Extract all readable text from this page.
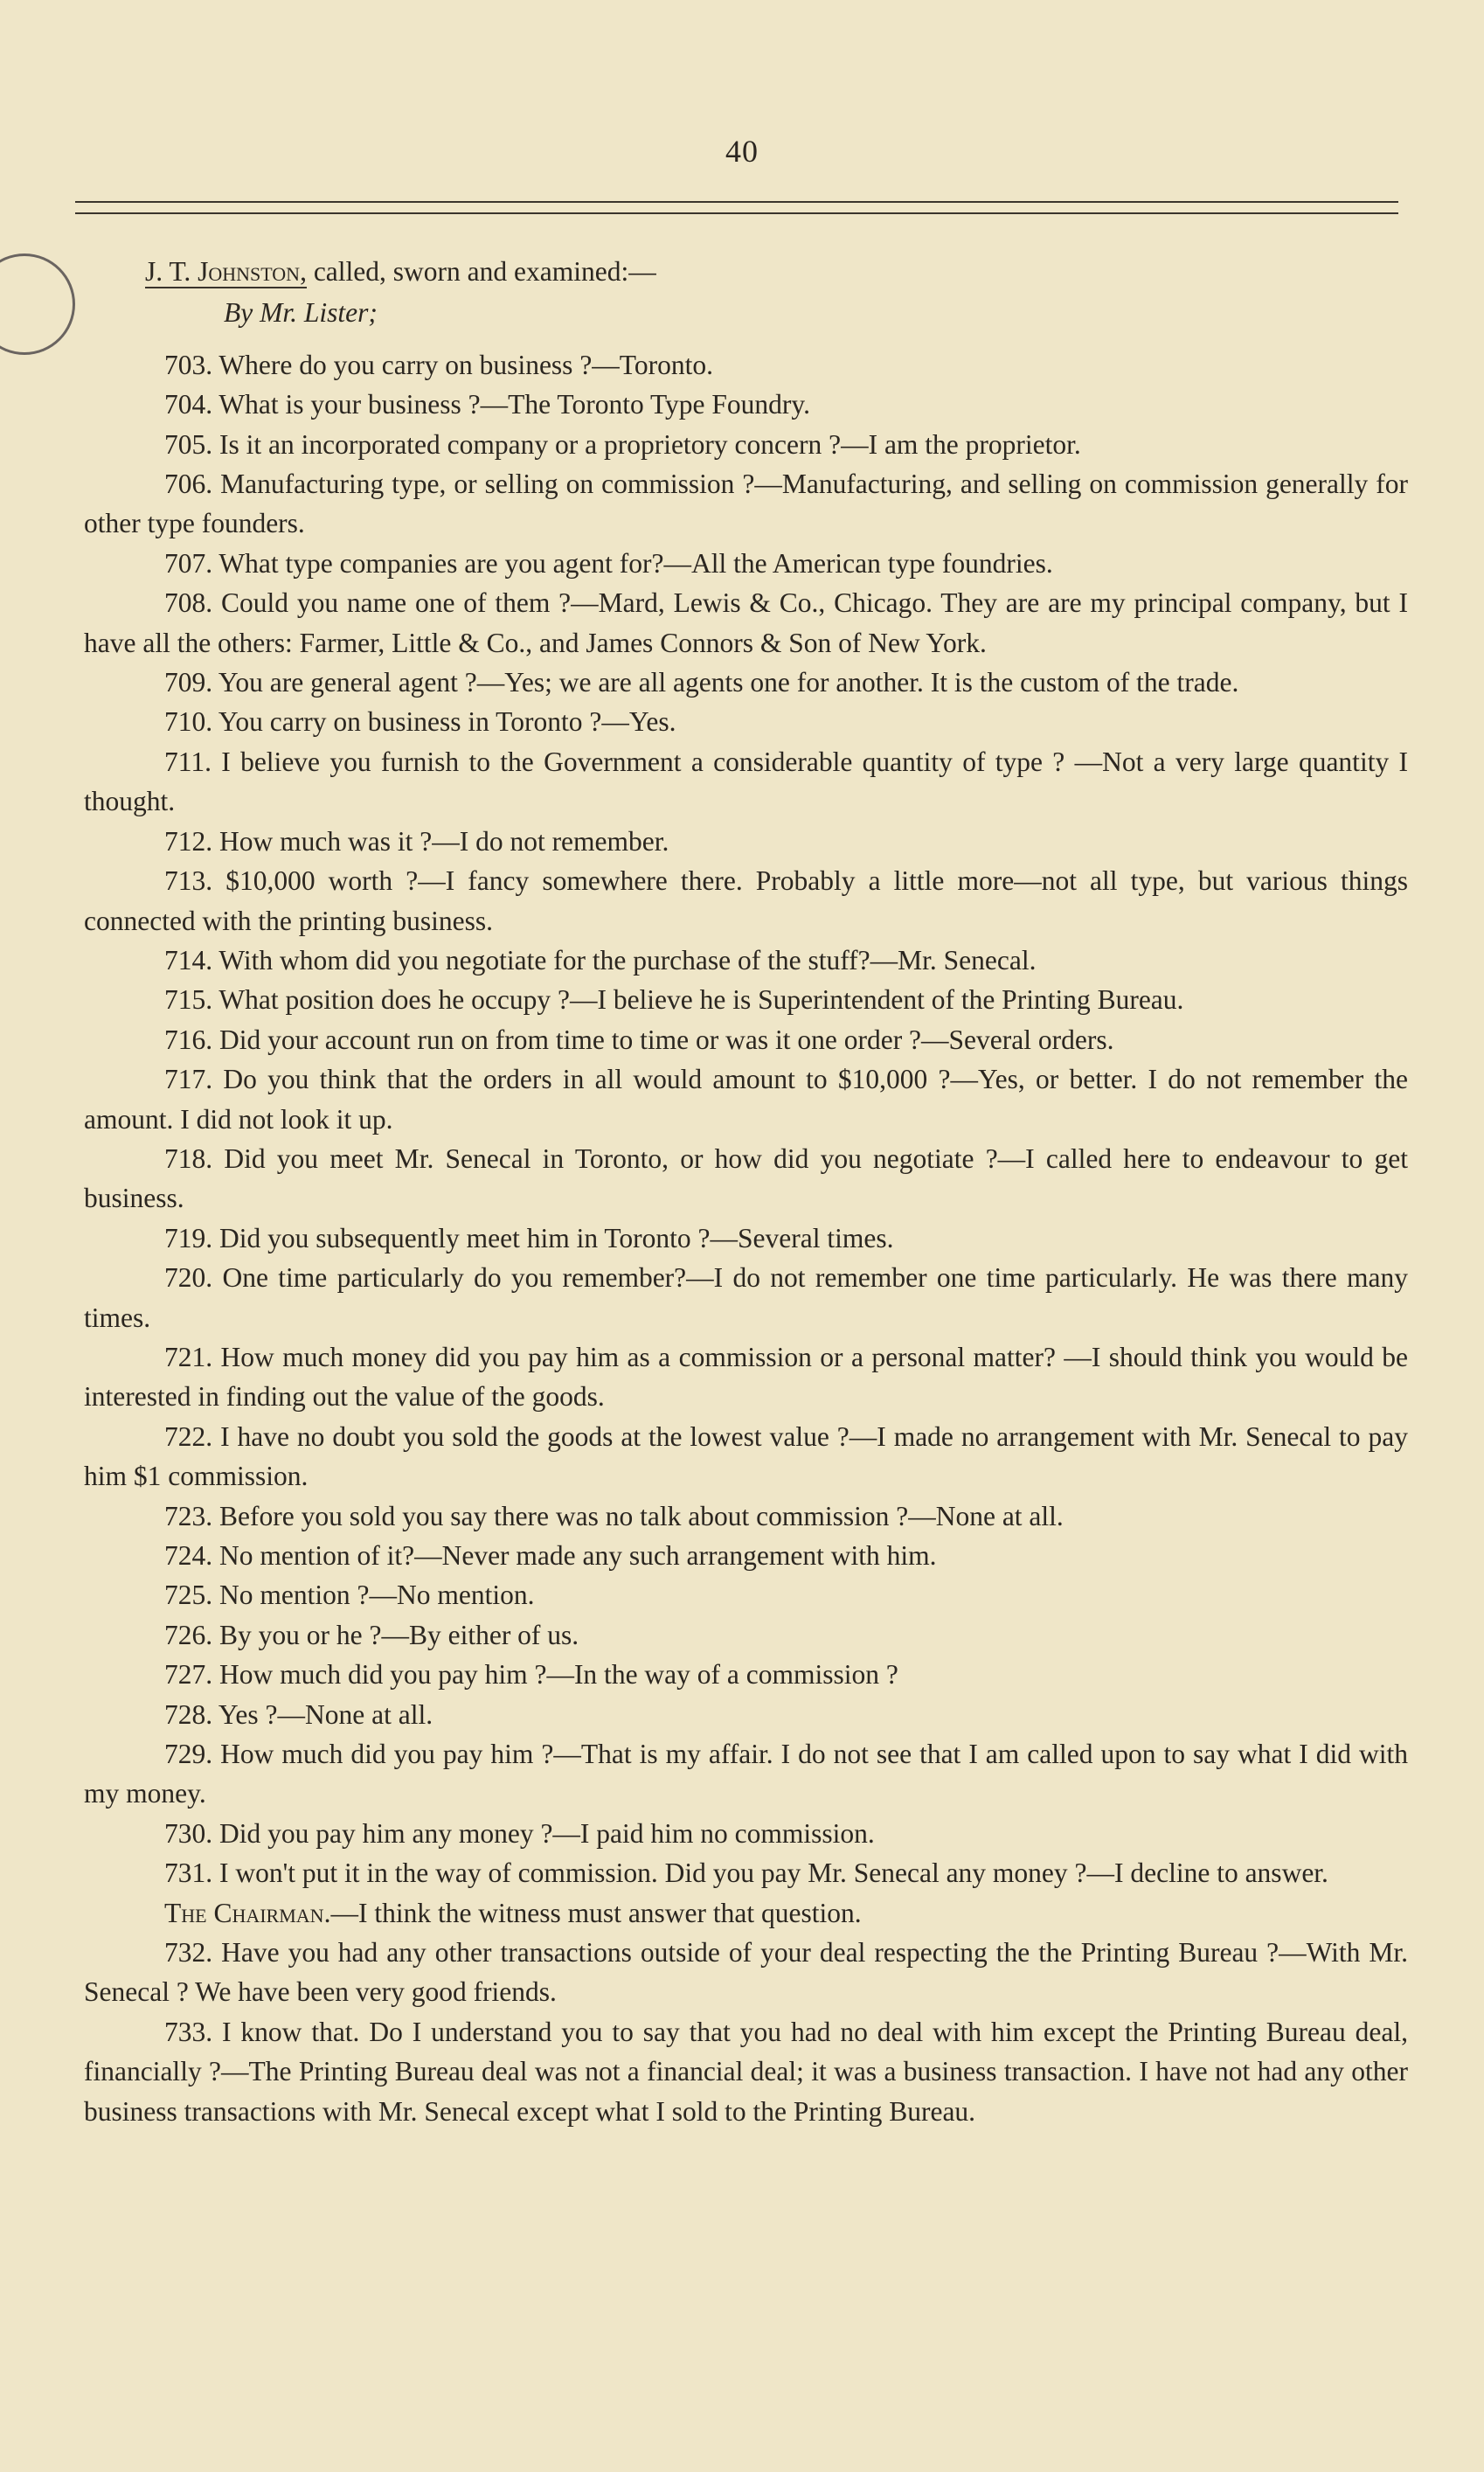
40

J. T. Johnston, called, sworn and examined:—

By Mr. Lister;

703. Where do you carry on business ?—Toronto.

704. What is your business ?—The Toronto Type Foundry.

705. Is it an incorporated company or a proprietory concern ?—I am the proprietor.

706. Manufacturing type, or selling on commission ?—Manufacturing, and selling on commission generally for other type founders.

707. What type companies are you agent for?—All the American type foundries.

708. Could you name one of them ?—Mard, Lewis & Co., Chicago. They are are my principal company, but I have all the others: Farmer, Little & Co., and James Connors & Son of New York.

709. You are general agent ?—Yes; we are all agents one for another. It is the custom of the trade.

710. You carry on business in Toronto ?—Yes.

711. I believe you furnish to the Government a considerable quantity of type ? —Not a very large quantity I thought.

712. How much was it ?—I do not remember.

713. $10,000 worth ?—I fancy somewhere there. Probably a little more—not all type, but various things connected with the printing business.

714. With whom did you negotiate for the purchase of the stuff?—Mr. Senecal.

715. What position does he occupy ?—I believe he is Superintendent of the Printing Bureau.

716. Did your account run on from time to time or was it one order ?—Several orders.

717. Do you think that the orders in all would amount to $10,000 ?—Yes, or better. I do not remember the amount. I did not look it up.

718. Did you meet Mr. Senecal in Toronto, or how did you negotiate ?—I called here to endeavour to get business.

719. Did you subsequently meet him in Toronto ?—Several times.

720. One time particularly do you remember?—I do not remember one time particularly. He was there many times.

721. How much money did you pay him as a commission or a personal matter? —I should think you would be interested in finding out the value of the goods.

722. I have no doubt you sold the goods at the lowest value ?—I made no arrangement with Mr. Senecal to pay him $1 commission.

723. Before you sold you say there was no talk about commission ?—None at all.

724. No mention of it?—Never made any such arrangement with him.

725. No mention ?—No mention.

726. By you or he ?—By either of us.

727. How much did you pay him ?—In the way of a commission ?

728. Yes ?—None at all.

729. How much did you pay him ?—That is my affair. I do not see that I am called upon to say what I did with my money.

730. Did you pay him any money ?—I paid him no commission.

731. I won't put it in the way of commission. Did you pay Mr. Senecal any money ?—I decline to answer.

The Chairman.—I think the witness must answer that question.

732. Have you had any other transactions outside of your deal respecting the the Printing Bureau ?—With Mr. Senecal ? We have been very good friends.

733. I know that. Do I understand you to say that you had no deal with him except the Printing Bureau deal, financially ?—The Printing Bureau deal was not a financial deal; it was a business transaction. I have not had any other business transactions with Mr. Senecal except what I sold to the Printing Bureau.
